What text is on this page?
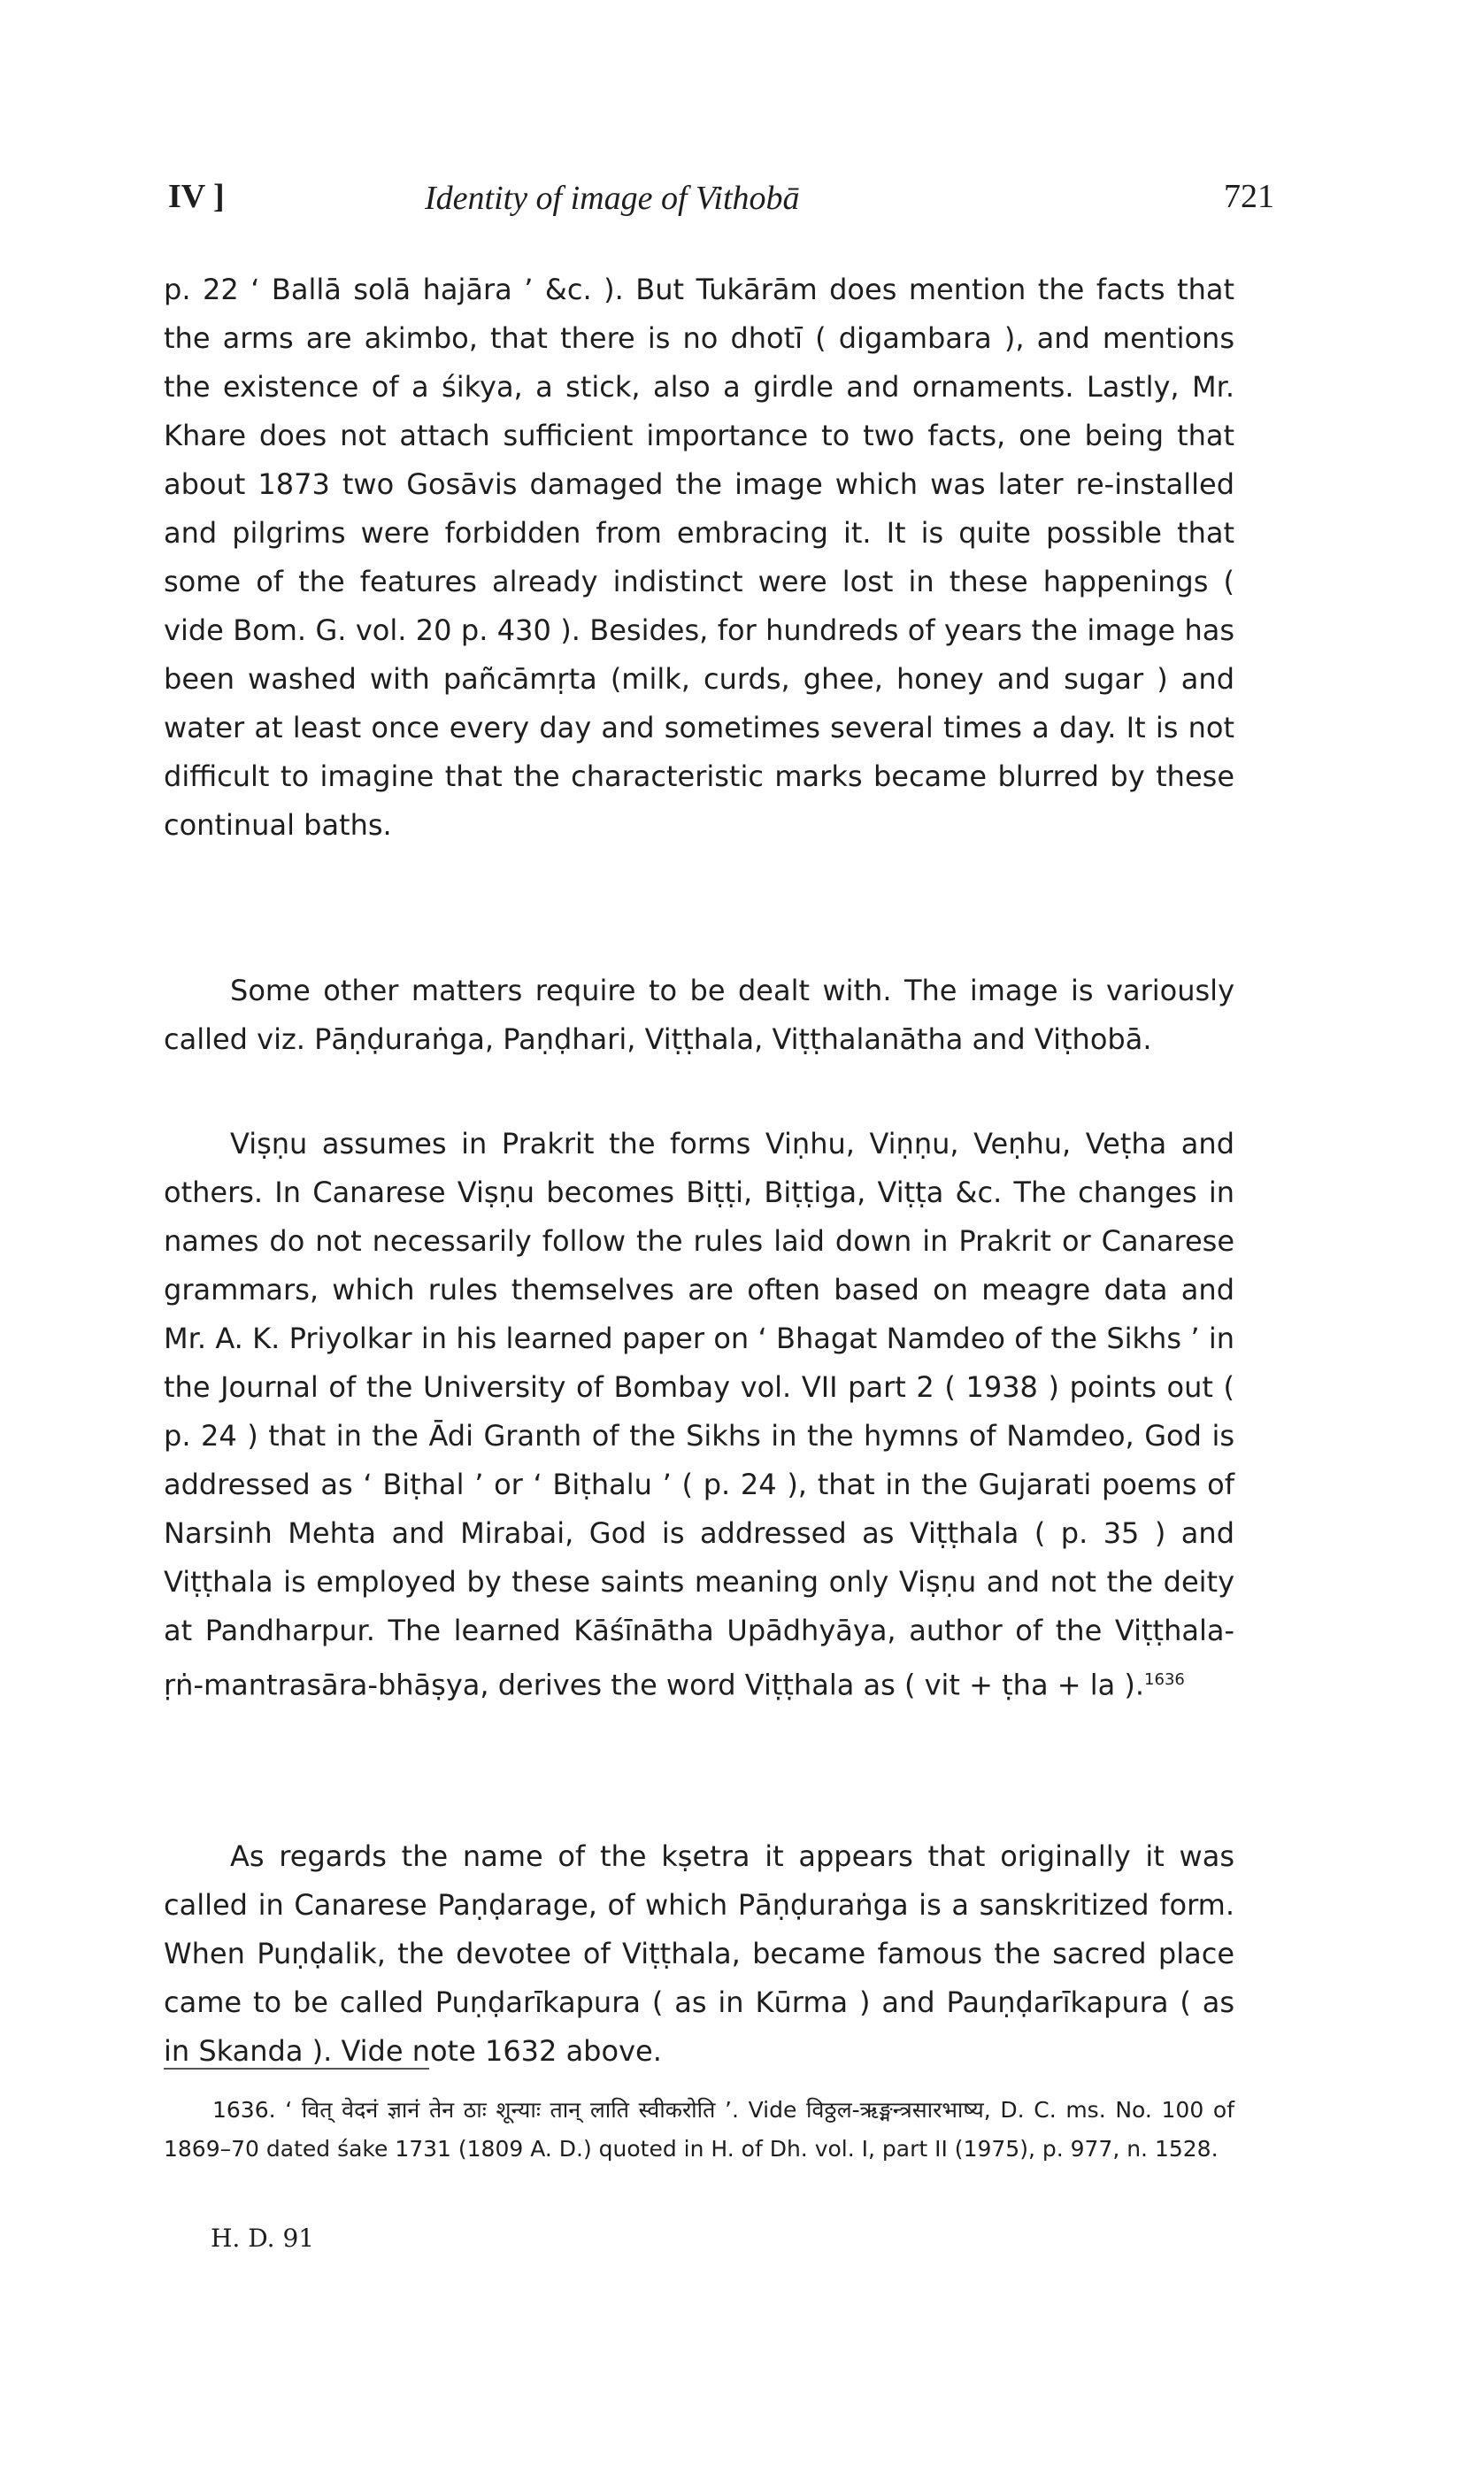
IV ]	Identity of image of Vithobā	721
p. 22 ‘ Ballā solā hajāra ’ &c. ). But Tukārām does mention the facts that the arms are akimbo, that there is no dhotī ( digambara ), and mentions the existence of a śikya, a stick, also a girdle and ornaments. Lastly, Mr. Khare does not attach sufficient importance to two facts, one being that about 1873 two Gosāvis damaged the image which was later re-installed and pilgrims were forbidden from embracing it. It is quite possible that some of the features already indistinct were lost in these happenings ( vide Bom. G. vol. 20 p. 430 ). Besides, for hundreds of years the image has been washed with pañcāmṛta (milk, curds, ghee, honey and sugar ) and water at least once every day and sometimes several times a day. It is not difficult to imagine that the characteristic marks became blurred by these continual baths.
Some other matters require to be dealt with. The image is variously called viz. Pāṇḍuraṅga, Paṇḍhari, Viṭṭhala, Viṭṭhalanātha and Viṭhobā.
Viṣṇu assumes in Prakrit the forms Viṇhu, Viṇṇu, Veṇhu, Veṭha and others. In Canarese Viṣṇu becomes Biṭṭi, Biṭṭiga, Viṭṭa &c. The changes in names do not necessarily follow the rules laid down in Prakrit or Canarese grammars, which rules themselves are often based on meagre data and Mr. A. K. Priyolkar in his learned paper on ‘ Bhagat Namdeo of the Sikhs ’ in the Journal of the University of Bombay vol. VII part 2 ( 1938 ) points out ( p. 24 ) that in the Ādi Granth of the Sikhs in the hymns of Namdeo, God is addressed as ‘ Biṭhal ’ or ‘ Biṭhalu ’ ( p. 24 ), that in the Gujarati poems of Narsinh Mehta and Mirabai, God is addressed as Viṭṭhala ( p. 35 ) and Viṭṭhala is employed by these saints meaning only Viṣṇu and not the deity at Pandharpur. The learned Kāśīnātha Upādhyāya, author of the Viṭṭhala-ṛṅ-mantrasāra-bhāṣya, derives the word Viṭṭhala as ( vit + ṭha + la ).$^{1636}$
As regards the name of the kṣetra it appears that originally it was called in Canarese Paṇḍarage, of which Pāṇḍuraṅga is a sanskritized form. When Puṇḍalik, the devotee of Viṭṭhala, became famous the sacred place came to be called Puṇḍarīkapura ( as in Kūrma ) and Pauṇḍarīkapura ( as in Skanda ). Vide note 1632 above.
1636. ‘ वित् वेदनं ज्ञानं तेन ठाः शून्याः तान् लाति स्वीकरोति ’. Vide विठ्ठल-ऋङ्मन्त्रसारभाष्य, D. C. ms. No. 100 of 1869–70 dated śake 1731 (1809 A. D.) quoted in H. of Dh. vol. I, part II (1975), p. 977, n. 1528.
H. D. 91
